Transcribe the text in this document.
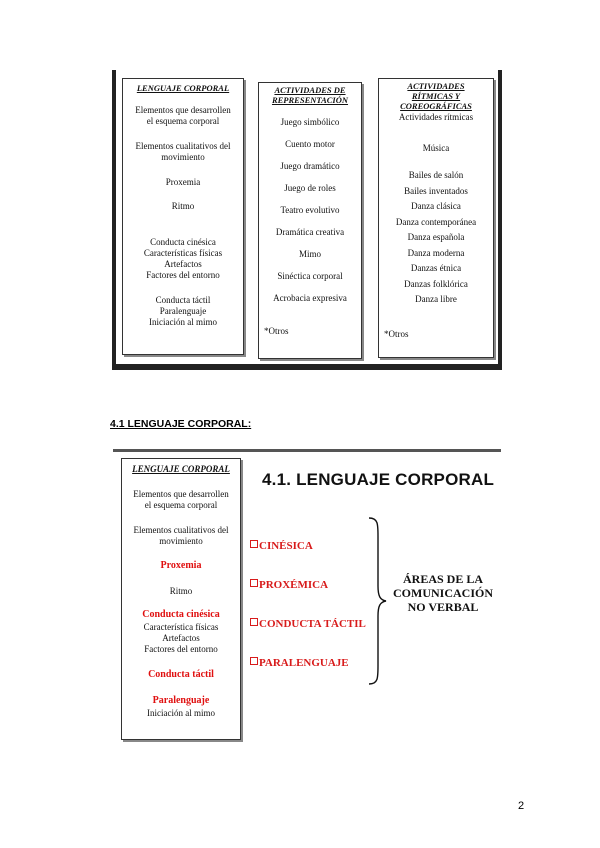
LENGUAJE CORPORAL
Elementos que desarrollen
el esquema corporal
Elementos cualitativos del
movimiento
Proxemia
Ritmo
Conducta cinésica
Características físicas
Artefactos
Factores del entorno
Conducta táctil
Paralenguaje
Iniciación al mimo
ACTIVIDADES DE
REPRESENTACIÓN
Juego simbólico
Cuento motor
Juego dramático
Juego de roles
Teatro evolutivo
Dramática creativa
Mimo
Sinéctica corporal
Acrobacia expresiva
*Otros
ACTIVIDADES
RÍTMICAS Y
COREOGRÁFICAS
Actividades rítmicas
Música
Bailes de salón
Bailes inventados
Danza clásica
Danza contemporánea
Danza española
Danza moderna
Danzas étnica
Danzas folklórica
Danza libre
*Otros
4.1 LENGUAJE CORPORAL:
LENGUAJE CORPORAL
Elementos que desarrollen
el esquema corporal
Elementos cualitativos del
movimiento
Proxemia
Ritmo
Conducta cinésica
Característica físicas
Artefactos
Factores del entorno
Conducta táctil
Paralenguaje
Iniciación al mimo
4.1. LENGUAJE CORPORAL
CINÉSICA
PROXÉMICA
CONDUCTA TÁCTIL
PARALENGUAJE
ÁREAS DE LA
COMUNICACIÓN
NO VERBAL
2
